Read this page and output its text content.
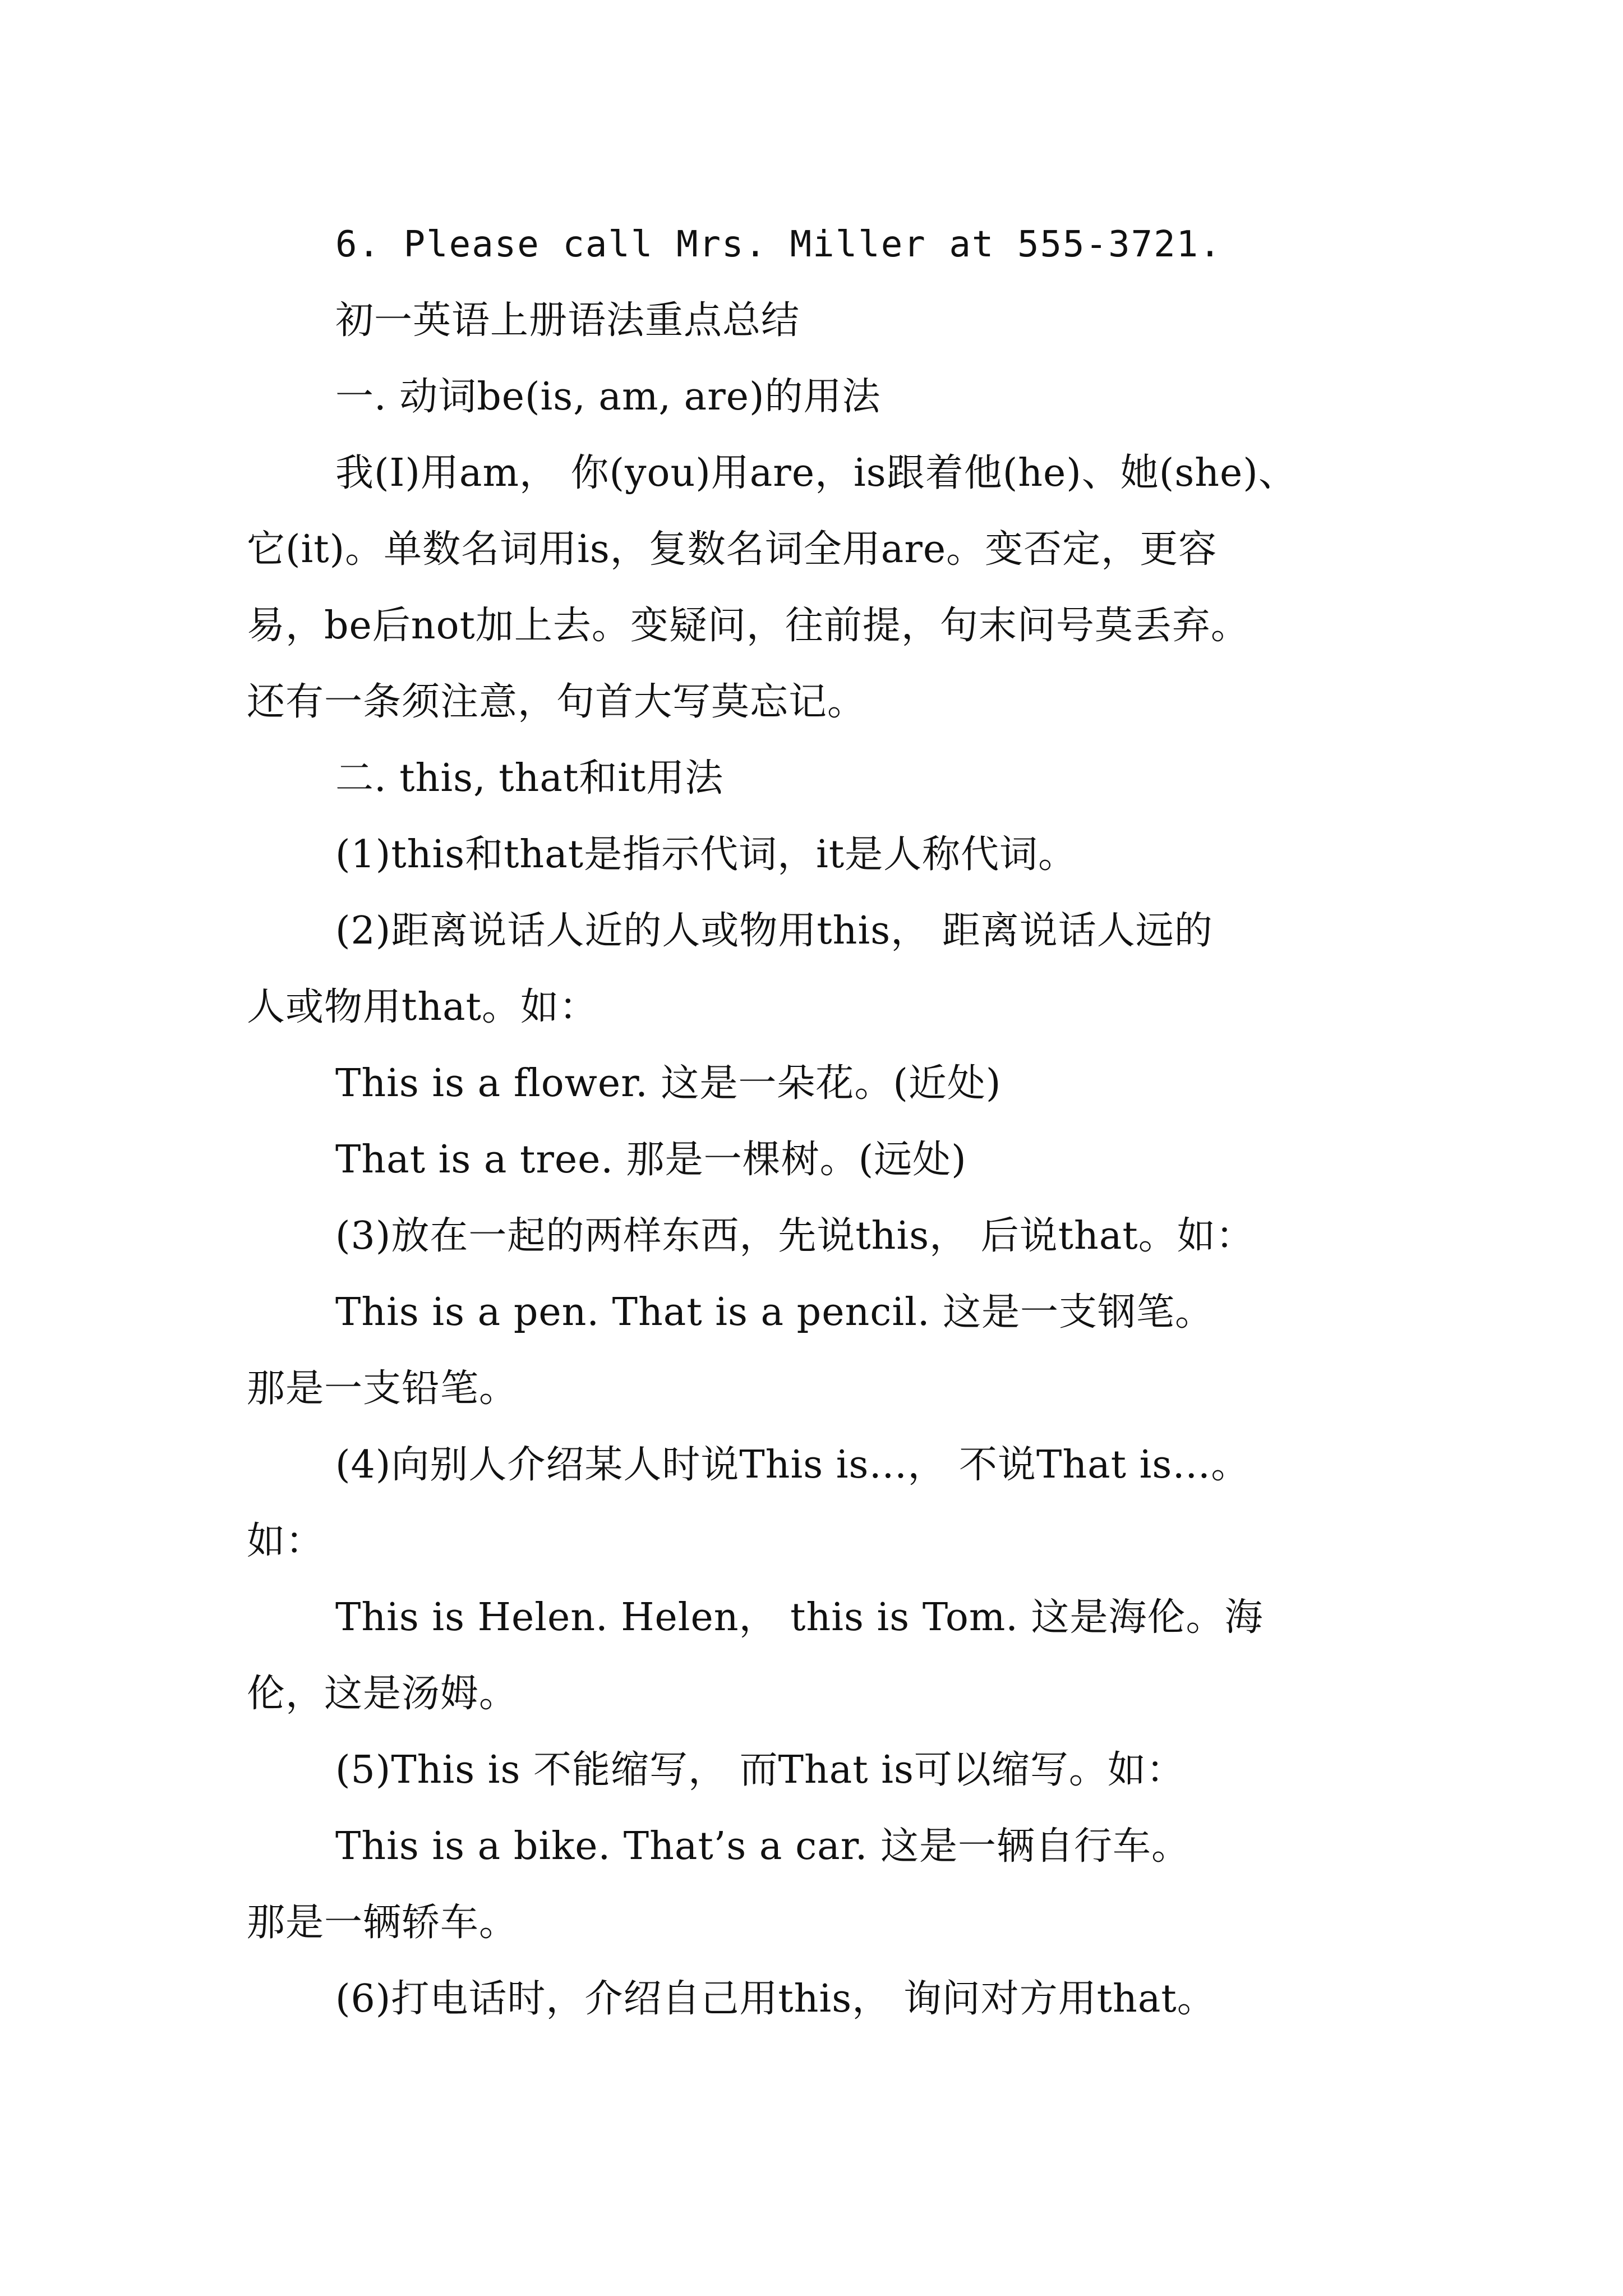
6. Please call Mrs. Miller at 555-3721.
初一英语上册语法重点总结
一. 动词be(is, am, are)的用法
我(I)用am， 你(you)用are，is跟着他(he)、她(she)、
它(it)。单数名词用is，复数名词全用are。变否定，更容
易，be后not加上去。变疑问，往前提，句末问号莫丢弃。
还有一条须注意，句首大写莫忘记。
二. this, that和it用法
(1)this和that是指示代词，it是人称代词。
(2)距离说话人近的人或物用this， 距离说话人远的
人或物用that。如：
This is a flower. 这是一朵花。(近处)
That is a tree. 那是一棵树。(远处)
(3)放在一起的两样东西，先说this， 后说that。如：
This is a pen. That is a pencil. 这是一支钢笔。
那是一支铅笔。
(4)向别人介绍某人时说This is…， 不说That is…。
如：
This is Helen. Helen， this is Tom. 这是海伦。海
伦，这是汤姆。
(5)This is 不能缩写， 而That is可以缩写。如：
This is a bike. That’s a car. 这是一辆自行车。
那是一辆轿车。
(6)打电话时，介绍自己用this， 询问对方用that。
